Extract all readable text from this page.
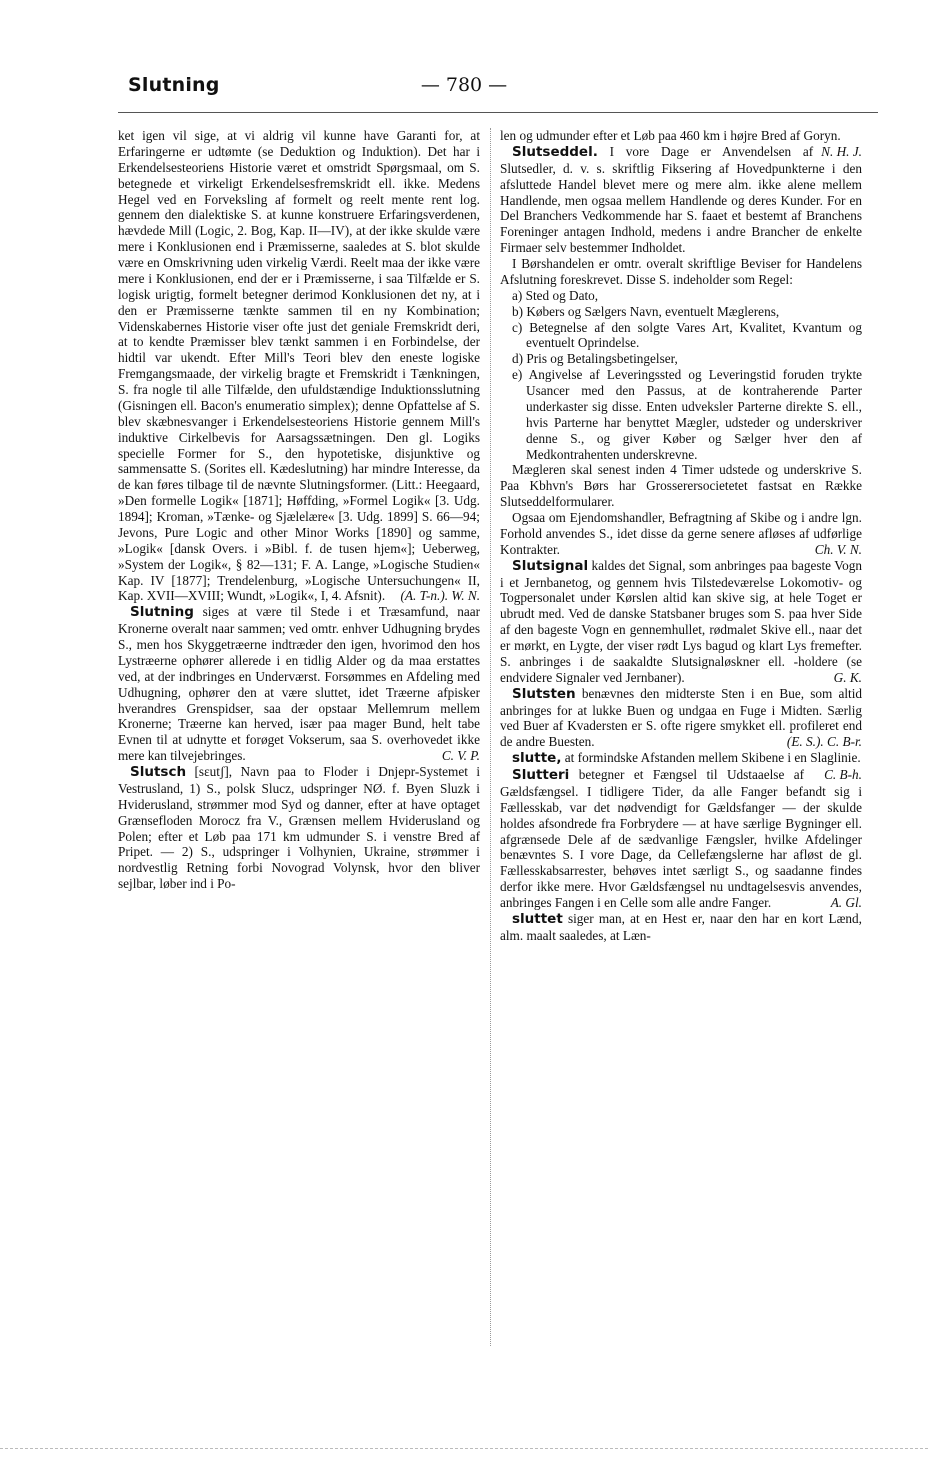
Slutning	— 780 —

ket igen vil sige, at vi aldrig vil kunne have Garanti for, at Erfaringerne er udtømte (se Deduktion og Induktion). Det har i Erkendelsesteoriens Historie været et omstridt Spørgsmaal, om S. betegnede et virkeligt Erkendelsesfremskridt ell. ikke. Medens Hegel ved en Forveksling af formelt og reelt mente rent log. gennem den dialektiske S. at kunne konstruere Erfaringsverdenen, hævdede Mill (Logic, 2. Bog, Kap. II—IV), at der ikke skulde være mere i Konklusionen end i Præmisserne, saaledes at S. blot skulde være en Omskrivning uden virkelig Værdi. Reelt maa der ikke være mere i Konklusionen, end der er i Præmisserne, i saa Tilfælde er S. logisk urigtig, formelt betegner derimod Konklusionen det ny, at i den er Præmisserne tænkte sammen til en ny Kombination; Videnskabernes Historie viser ofte just det geniale Fremskridt deri, at to kendte Præmisser blev tænkt sammen i en Forbindelse, der hidtil var ukendt. Efter Mill's Teori blev den eneste logiske Fremgangsmaade, der virkelig bragte et Fremskridt i Tænkningen, S. fra nogle til alle Tilfælde, den ufuldstændige Induktionsslutning (Gisningen ell. Bacon's enumeratio simplex); denne Opfattelse af S. blev skæbnesvanger i Erkendelsesteoriens Historie gennem Mill's induktive Cirkelbevis for Aarsagssætningen. Den gl. Logiks specielle Former for S., den hypotetiske, disjunktive og sammensatte S. (Sorites ell. Kædeslutning) har mindre Interesse, da de kan føres tilbage til de nævnte Slutningsformer. (Litt.: Heegaard, »Den formelle Logik« [1871]; Høffding, »Formel Logik« [3. Udg. 1894]; Kroman, »Tænke- og Sjælelære« [3. Udg. 1899] S. 66—94; Jevons, Pure Logic and other Minor Works [1890] og samme, »Logik« [dansk Overs. i »Bibl. f. de tusen hjem«]; Ueberweg, »System der Logik«, § 82—131; F. A. Lange, »Logische Studien« Kap. IV [1877]; Trendelenburg, »Logische Untersuchungen« II, Kap. XVII—XVIII; Wundt, »Logik«, I, 4. Afsnit).	(A. T-n.). W. N.

Slutning siges at være til Stede i et Træsamfund, naar Kronerne overalt naar sammen; ved omtr. enhver Udhugning brydes S., men hos Skyggetræerne indtræder den igen, hvorimod den hos Lystræerne ophører allerede i en tidlig Alder og da maa erstattes ved, at der indbringes en Underværst. Forsømmes en Afdeling med Udhugning, ophører den at være sluttet, idet Træerne afpisker hverandres Grenspidser, saa der opstaar Mellemrum mellem Kronerne; Træerne kan herved, især paa mager Bund, helt tabe Evnen til at udnytte et forøget Vokserum, saa S. overhovedet ikke mere kan tilvejebringes.	C. V. P.

Slutsch [sɛutʃ], Navn paa to Floder i Dnjepr-Systemet i Vestrusland, 1) S., polsk Slucz, udspringer NØ. f. Byen Sluzk i Hviderusland, strømmer mod Syd og danner, efter at have optaget Grænsefloden Morocz fra V., Grænsen mellem Hviderusland og Polen; efter et Løb paa 171 km udmunder S. i venstre Bred af Pripet. — 2) S., udspringer i Volhynien, Ukraine, strømmer i nordvestlig Retning forbi Novograd Volynsk, hvor den bliver sejlbar, løber ind i Po-

len og udmunder efter et Løb paa 460 km i højre Bred af Goryn.
N. H. J.

Slutseddel. I vore Dage er Anvendelsen af Slutsedler, d. v. s. skriftlig Fiksering af Hovedpunkterne i den afsluttede Handel blevet mere og mere alm. ikke alene mellem Handlende, men ogsaa mellem Handlende og deres Kunder. For en Del Branchers Vedkommende har S. faaet et bestemt af Branchens Foreninger antagen Indhold, medens i andre Brancher de enkelte Firmaer selv bestemmer Indholdet.

I Børshandelen er omtr. overalt skriftlige Beviser for Handelens Afslutning foreskrevet. Disse S. indeholder som Regel:

a) Sted og Dato,
b) Købers og Sælgers Navn, eventuelt Mæglerens,
c) Betegnelse af den solgte Vares Art, Kvalitet, Kvantum og eventuelt Oprindelse.
d) Pris og Betalingsbetingelser,
e) Angivelse af Leveringssted og Leveringstid foruden trykte Usancer med den Passus, at de kontraherende Parter underkaster sig disse. Enten udveksler Parterne direkte S. ell., hvis Parterne har benyttet Mægler, udsteder og underskriver denne S., og giver Køber og Sælger hver den af Medkontrahenten underskrevne.

Mægleren skal senest inden 4 Timer udstede og underskrive S. Paa Kbhvn's Børs har Grosserersocietetet fastsat en Række Slutseddelformularer.

Ogsaa om Ejendomshandler, Befragtning af Skibe og i andre lgn. Forhold anvendes S., idet disse da gerne senere afløses af udførlige Kontrakter.	Ch. V. N.

Slutsignal kaldes det Signal, som anbringes paa bageste Vogn i et Jernbanetog, og gennem hvis Tilstedeværelse Lokomotiv- og Togpersonalet under Kørslen altid kan skive sig, at hele Toget er ubrudt med. Ved de danske Statsbaner bruges som S. paa hver Side af den bageste Vogn en gennemhullet, rødmalet Skive ell., naar det er mørkt, en Lygte, der viser rødt Lys bagud og klart Lys fremefter. S. anbringes i de saakaldte Slutsignaløskner ell. -holdere (se endvidere Signaler ved Jernbaner).	G. K.

Slutsten benævnes den midterste Sten i en Bue, som altid anbringes for at lukke Buen og undgaa en Fuge i Midten. Særlig ved Buer af Kvadersten er S. ofte rigere smykket ell. profileret end de andre Buesten.	(E. S.). C. B-r.

slutte, at formindske Afstanden mellem Skibene i en Slaglinie.
C. B-h.

Slutteri betegner et Fængsel til Udstaaelse af Gældsfængsel. I tidligere Tider, da alle Fanger befandt sig i Fællesskab, var det nødvendigt for Gældsfanger — der skulde holdes afsondrede fra Forbrydere — at have særlige Bygninger ell. afgrænsede Dele af de sædvanlige Fængsler, hvilke Afdelinger benævntes S. I vore Dage, da Cellefængslerne har afløst de gl. Fællesskabsarrester, behøves intet særligt S., og saadanne findes derfor ikke mere. Hvor Gældsfængsel nu undtagelsesvis anvendes, anbringes Fangen i en Celle som alle andre Fanger.	A. Gl.

sluttet siger man, at en Hest er, naar den har en kort Lænd, alm. maalt saaledes, at Læn-
